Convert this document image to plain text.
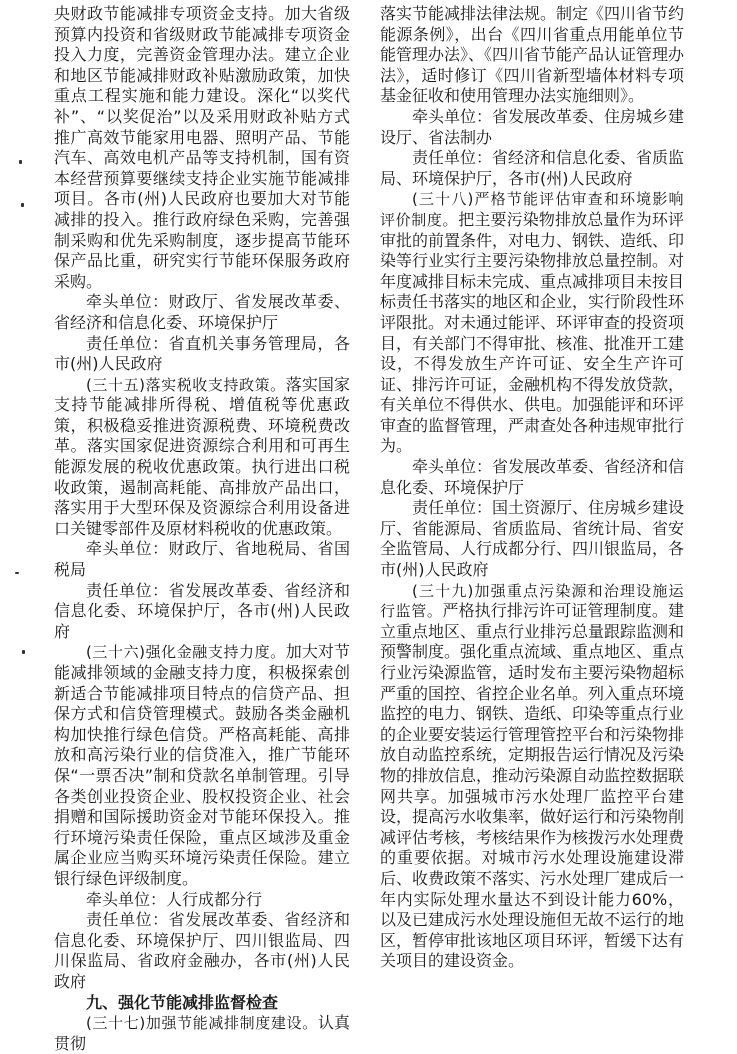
央财政节能减排专项资金支持。加大省级预算内投资和省级财政节能减排专项资金投入力度，完善资金管理办法。建立企业和地区节能减排财政补贴激励政策，加快重点工程实施和能力建设。深化“以奖代补”、“以奖促治”以及采用财政补贴方式推广高效节能家用电器、照明产品、节能汽车、高效电机产品等支持机制，国有资本经营预算要继续支持企业实施节能减排项目。各市(州)人民政府也要加大对节能减排的投入。推行政府绿色采购，完善强制采购和优先采购制度，逐步提高节能环保产品比重，研究实行节能环保服务政府采购。

牵头单位：财政厅、省发展改革委、省经济和信息化委、环境保护厅

责任单位：省直机关事务管理局，各市(州)人民政府

(三十五)落实税收支持政策。落实国家支持节能减排所得税、增值税等优惠政策，积极稳妥推进资源税费、环境税费改革。落实国家促进资源综合利用和可再生能源发展的税收优惠政策。执行进出口税收政策，遏制高耗能、高排放产品出口，落实用于大型环保及资源综合利用设备进口关键零部件及原材料税收的优惠政策。

牵头单位：财政厅、省地税局、省国税局

责任单位：省发展改革委、省经济和信息化委、环境保护厅，各市(州)人民政府

(三十六)强化金融支持力度。加大对节能减排领域的金融支持力度，积极探索创新适合节能减排项目特点的信贷产品、担保方式和信贷管理模式。鼓励各类金融机构加快推行绿色信贷。严格高耗能、高排放和高污染行业的信贷准入，推广节能环保“一票否决”制和贷款名单制管理。引导各类创业投资企业、股权投资企业、社会捐赠和国际援助资金对节能环保投入。推行环境污染责任保险，重点区域涉及重金属企业应当购买环境污染责任保险。建立银行绿色评级制度。

牵头单位：人行成都分行

责任单位：省发展改革委、省经济和信息化委、环境保护厅、四川银监局、四川保监局、省政府金融办，各市(州)人民政府

九、强化节能减排监督检查

(三十七)加强节能减排制度建设。认真贯彻

落实节能减排法律法规。制定《四川省节约能源条例》，出台《四川省重点用能单位节能管理办法》、《四川省节能产品认证管理办法》，适时修订《四川省新型墙体材料专项基金征收和使用管理办法实施细则》。

牵头单位：省发展改革委、住房城乡建设厅、省法制办

责任单位：省经济和信息化委、省质监局、环境保护厅，各市(州)人民政府

(三十八)严格节能评估审查和环境影响评价制度。把主要污染物排放总量作为环评审批的前置条件，对电力、钢铁、造纸、印染等行业实行主要污染物排放总量控制。对年度减排目标未完成、重点减排项目未按目标责任书落实的地区和企业，实行阶段性环评限批。对未通过能评、环评审查的投资项目，有关部门不得审批、核准、批准开工建设，不得发放生产许可证、安全生产许可证、排污许可证，金融机构不得发放贷款，有关单位不得供水、供电。加强能评和环评审查的监督管理，严肃查处各种违规审批行为。

牵头单位：省发展改革委、省经济和信息化委、环境保护厅

责任单位：国土资源厅、住房城乡建设厅、省能源局、省质监局、省统计局、省安全监管局、人行成都分行、四川银监局，各市(州)人民政府

(三十九)加强重点污染源和治理设施运行监管。严格执行排污许可证管理制度。建立重点地区、重点行业排污总量跟踪监测和预警制度。强化重点流域、重点地区、重点行业污染源监管，适时发布主要污染物超标严重的国控、省控企业名单。列入重点环境监控的电力、钢铁、造纸、印染等重点行业的企业要安装运行管理管控平台和污染物排放自动监控系统，定期报告运行情况及污染物的排放信息，推动污染源自动监控数据联网共享。加强城市污水处理厂监控平台建设，提高污水收集率，做好运行和污染物削减评估考核，考核结果作为核拨污水处理费的重要依据。对城市污水处理设施建设滞后、收费政策不落实、污水处理厂建成后一年内实际处理水量达不到设计能力60%，以及已建成污水处理设施但无故不运行的地区，暂停审批该地区项目环评，暂缓下达有关项目的建设资金。
